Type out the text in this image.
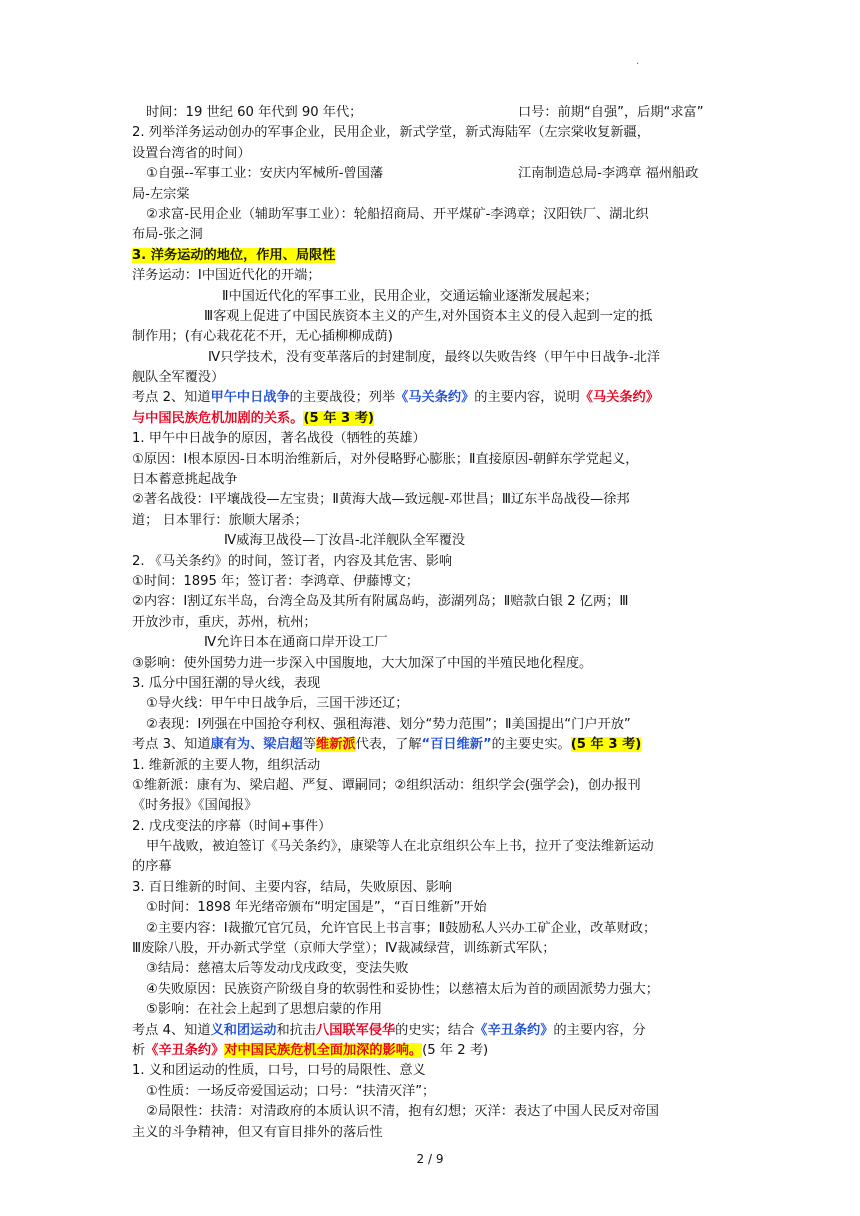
.
时间：19 世纪 60 年代到 90 年代；	口号：前期“自强”，后期“求富”
2. 列举洋务运动创办的军事企业，民用企业，新式学堂，新式海陆军（左宗棠收复新疆，
设置台湾省的时间）
①自强--军事工业：安庆内军械所-曾国藩	江南制造总局-李鸿章 福州船政
局-左宗棠
②求富-民用企业（辅助军事工业）：轮船招商局、开平煤矿-李鸿章；汉阳铁厂、湖北织
布局-张之洞
3. 洋务运动的地位，作用、局限性
洋务运动：Ⅰ中国近代化的开端；
Ⅱ中国近代化的军事工业，民用企业，交通运输业逐渐发展起来；
Ⅲ客观上促进了中国民族资本主义的产生,对外国资本主义的侵入起到一定的抵
制作用；(有心栽花花不开，无心插柳柳成荫)
Ⅳ只学技术，没有变革落后的封建制度，最终以失败告终（甲午中日战争-北洋
舰队全军覆没）
考点 2、知道甲午中日战争的主要战役；列举《马关条约》的主要内容，说明《马关条约》
与中国民族危机加剧的关系。(5 年 3 考)
1. 甲午中日战争的原因，著名战役（牺牲的英雄）
①原因：Ⅰ根本原因-日本明治维新后，对外侵略野心膨胀；Ⅱ直接原因-朝鲜东学党起义，
日本蓄意挑起战争
②著名战役：Ⅰ平壤战役—左宝贵；Ⅱ黄海大战—致远舰-邓世昌；Ⅲ辽东半岛战役—徐邦
道； 日本罪行：旅顺大屠杀；
Ⅳ威海卫战役—丁汝昌-北洋舰队全军覆没
2. 《马关条约》的时间，签订者，内容及其危害、影响
①时间：1895 年；签订者：李鸿章、伊藤博文；
②内容：Ⅰ割辽东半岛，台湾全岛及其所有附属岛屿，澎湖列岛；Ⅱ赔款白银 2 亿两；Ⅲ
开放沙市，重庆，苏州，杭州；
Ⅳ允许日本在通商口岸开设工厂
③影响：使外国势力进一步深入中国腹地，大大加深了中国的半殖民地化程度。
3. 瓜分中国狂潮的导火线，表现
①导火线：甲午中日战争后，三国干涉还辽；
②表现：Ⅰ列强在中国抢夺利权、强租海港、划分“势力范围”；Ⅱ美国提出“门户开放”
考点 3、知道康有为、梁启超等维新派代表，了解“百日维新”的主要史实。(5 年 3 考)
1. 维新派的主要人物，组织活动
①维新派：康有为、梁启超、严复、谭嗣同；②组织活动：组织学会(强学会)，创办报刊
《时务报》《国闻报》
2. 戊戌变法的序幕（时间+事件）
甲午战败，被迫签订《马关条约》，康梁等人在北京组织公车上书，拉开了变法维新运动
的序幕
3. 百日维新的时间、主要内容，结局，失败原因、影响
①时间：1898 年光绪帝颁布“明定国是”，“百日维新”开始
②主要内容：Ⅰ裁撤冗官冗员，允许官民上书言事；Ⅱ鼓励私人兴办工矿企业，改革财政；
Ⅲ废除八股，开办新式学堂（京师大学堂）；Ⅳ裁减绿营，训练新式军队；
③结局：慈禧太后等发动戊戌政变，变法失败
④失败原因：民族资产阶级自身的软弱性和妥协性；以慈禧太后为首的顽固派势力强大；
⑤影响：在社会上起到了思想启蒙的作用
考点 4、知道义和团运动和抗击八国联军侵华的史实；结合《辛丑条约》的主要内容，分
析《辛丑条约》对中国民族危机全面加深的影响。(5 年 2 考)
1. 义和团运动的性质，口号，口号的局限性、意义
①性质：一场反帝爱国运动；口号：“扶清灭洋”；
②局限性：扶清：对清政府的本质认识不清，抱有幻想；灭洋：表达了中国人民反对帝国
主义的斗争精神，但又有盲目排外的落后性
2 / 9
